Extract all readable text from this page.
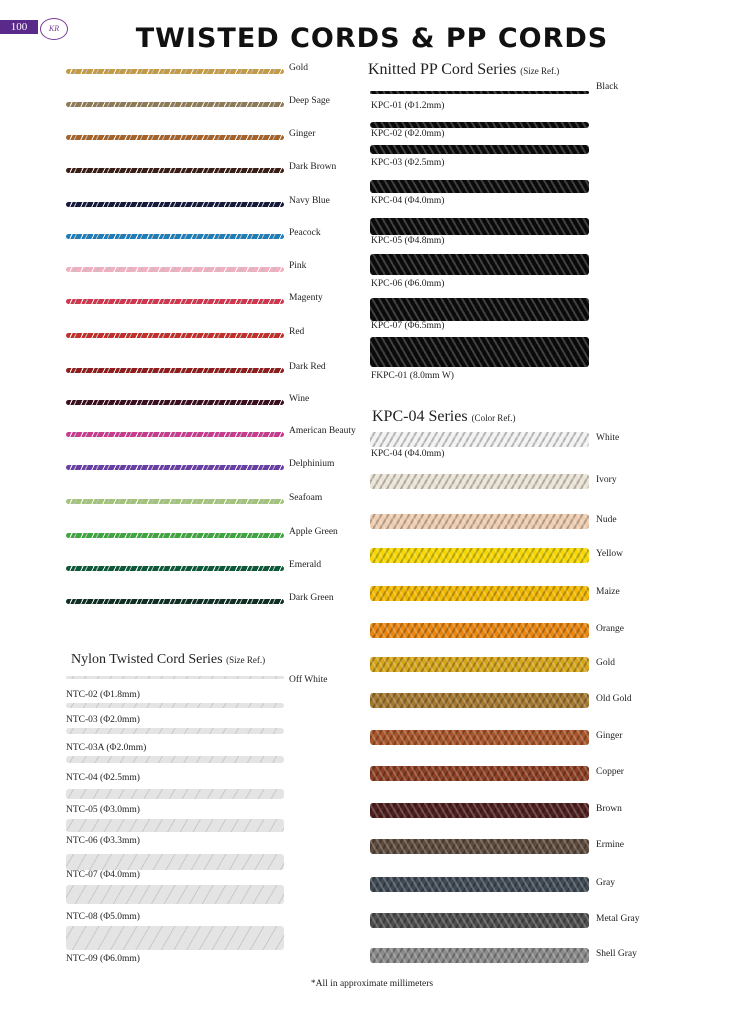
100	KR	TWISTED CORDS & PP CORDS
Knitted PP Cord Series (Size Ref.)
KPC-04 Series (Color Ref.)
Nylon Twisted Cord Series (Size Ref.)
Gold
Deep Sage
Ginger
Dark Brown
Navy Blue
Peacock
Pink
Magenty
Red
Dark Red
Wine
American Beauty
Delphinium
Seafoam
Apple Green
Emerald
Dark Green
KPC-01 (Φ1.2mm)
KPC-02 (Φ2.0mm)
KPC-03 (Φ2.5mm)
KPC-04 (Φ4.0mm)
KPC-05 (Φ4.8mm)
KPC-06 (Φ6.0mm)
KPC-07 (Φ6.5mm)
FKPC-01 (8.0mm W)
Black
White
Ivory
Nude
Yellow
Maize
Orange
Gold
Old Gold
Ginger
Copper
Brown
Ermine
Gray
Metal Gray
Shell Gray
KPC-04 (Φ4.0mm)
Off White
NTC-02 (Φ1.8mm)
NTC-03 (Φ2.0mm)
NTC-03A (Φ2.0mm)
NTC-04 (Φ2.5mm)
NTC-05 (Φ3.0mm)
NTC-06 (Φ3.3mm)
NTC-07 (Φ4.0mm)
NTC-08 (Φ5.0mm)
NTC-09 (Φ6.0mm)
*All in approximate millimeters
